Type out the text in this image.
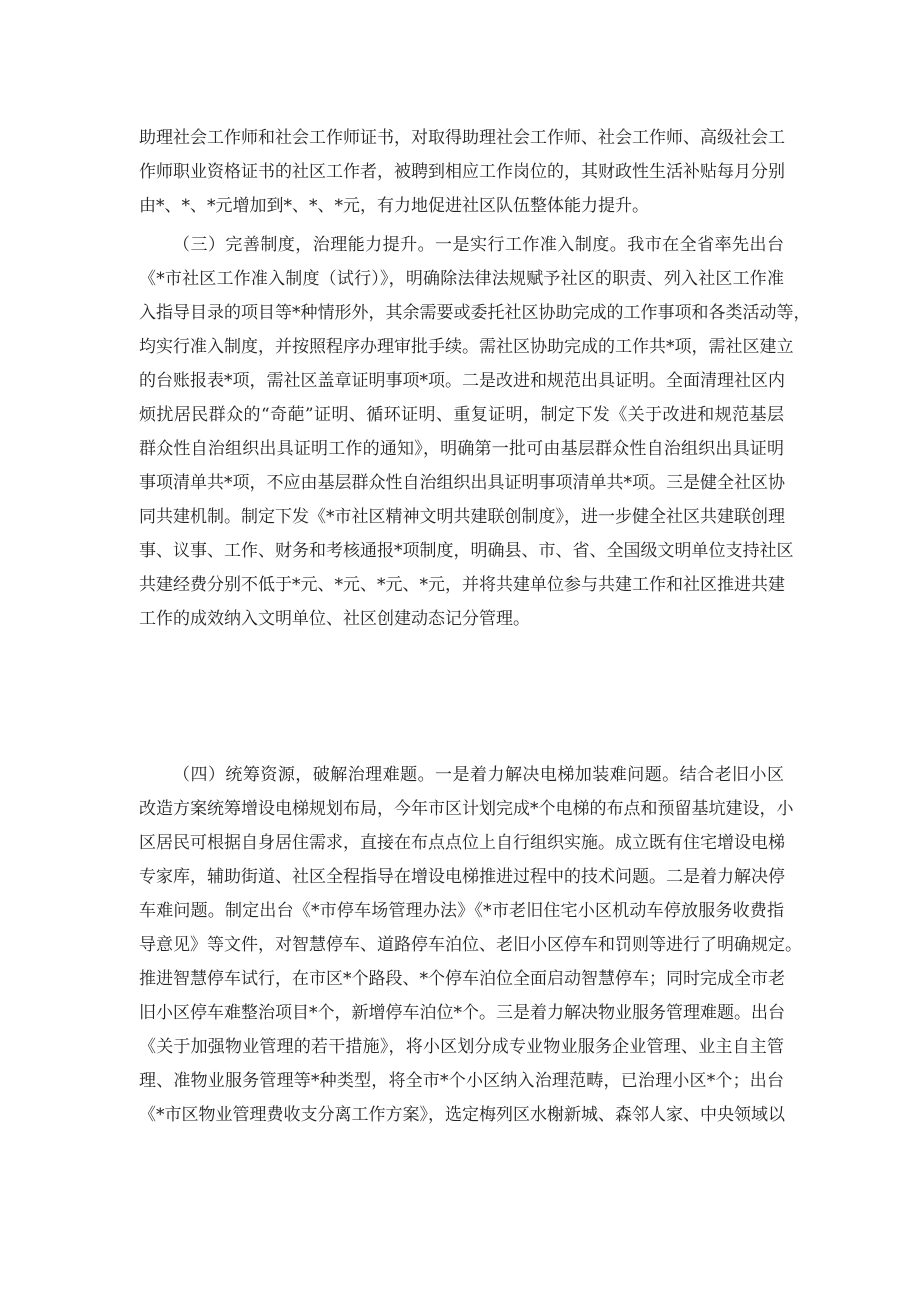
助理社会工作师和社会工作师证书，对取得助理社会工作师、社会工作师、高级社会工
作师职业资格证书的社区工作者，被聘到相应工作岗位的，其财政性生活补贴每月分别
由*、*、*元增加到*、*、*元，有力地促进社区队伍整体能力提升。
（三）完善制度，治理能力提升。一是实行工作准入制度。我市在全省率先出台
《*市社区工作准入制度（试行）》，明确除法律法规赋予社区的职责、列入社区工作准
入指导目录的项目等*种情形外，其余需要或委托社区协助完成的工作事项和各类活动等，
均实行准入制度，并按照程序办理审批手续。需社区协助完成的工作共*项，需社区建立
的台账报表*项，需社区盖章证明事项*项。二是改进和规范出具证明。全面清理社区内
烦扰居民群众的“奇葩”证明、循环证明、重复证明，制定下发《关于改进和规范基层
群众性自治组织出具证明工作的通知》，明确第一批可由基层群众性自治组织出具证明
事项清单共*项，不应由基层群众性自治组织出具证明事项清单共*项。三是健全社区协
同共建机制。制定下发《*市社区精神文明共建联创制度》，进一步健全社区共建联创理
事、议事、工作、财务和考核通报*项制度，明确县、市、省、全国级文明单位支持社区
共建经费分别不低于*元、*元、*元、*元，并将共建单位参与共建工作和社区推进共建
工作的成效纳入文明单位、社区创建动态记分管理。
（四）统筹资源，破解治理难题。一是着力解决电梯加装难问题。结合老旧小区
改造方案统筹增设电梯规划布局，今年市区计划完成*个电梯的布点和预留基坑建设，小
区居民可根据自身居住需求，直接在布点点位上自行组织实施。成立既有住宅增设电梯
专家库，辅助街道、社区全程指导在增设电梯推进过程中的技术问题。二是着力解决停
车难问题。制定出台《*市停车场管理办法》《*市老旧住宅小区机动车停放服务收费指
导意见》等文件，对智慧停车、道路停车泊位、老旧小区停车和罚则等进行了明确规定。
推进智慧停车试行，在市区*个路段、*个停车泊位全面启动智慧停车；同时完成全市老
旧小区停车难整治项目*个，新增停车泊位*个。三是着力解决物业服务管理难题。出台
《关于加强物业管理的若干措施》，将小区划分成专业物业服务企业管理、业主自主管
理、准物业服务管理等*种类型，将全市*个小区纳入治理范畴，已治理小区*个；出台
《*市区物业管理费收支分离工作方案》，选定梅列区水榭新城、森邻人家、中央领域以
